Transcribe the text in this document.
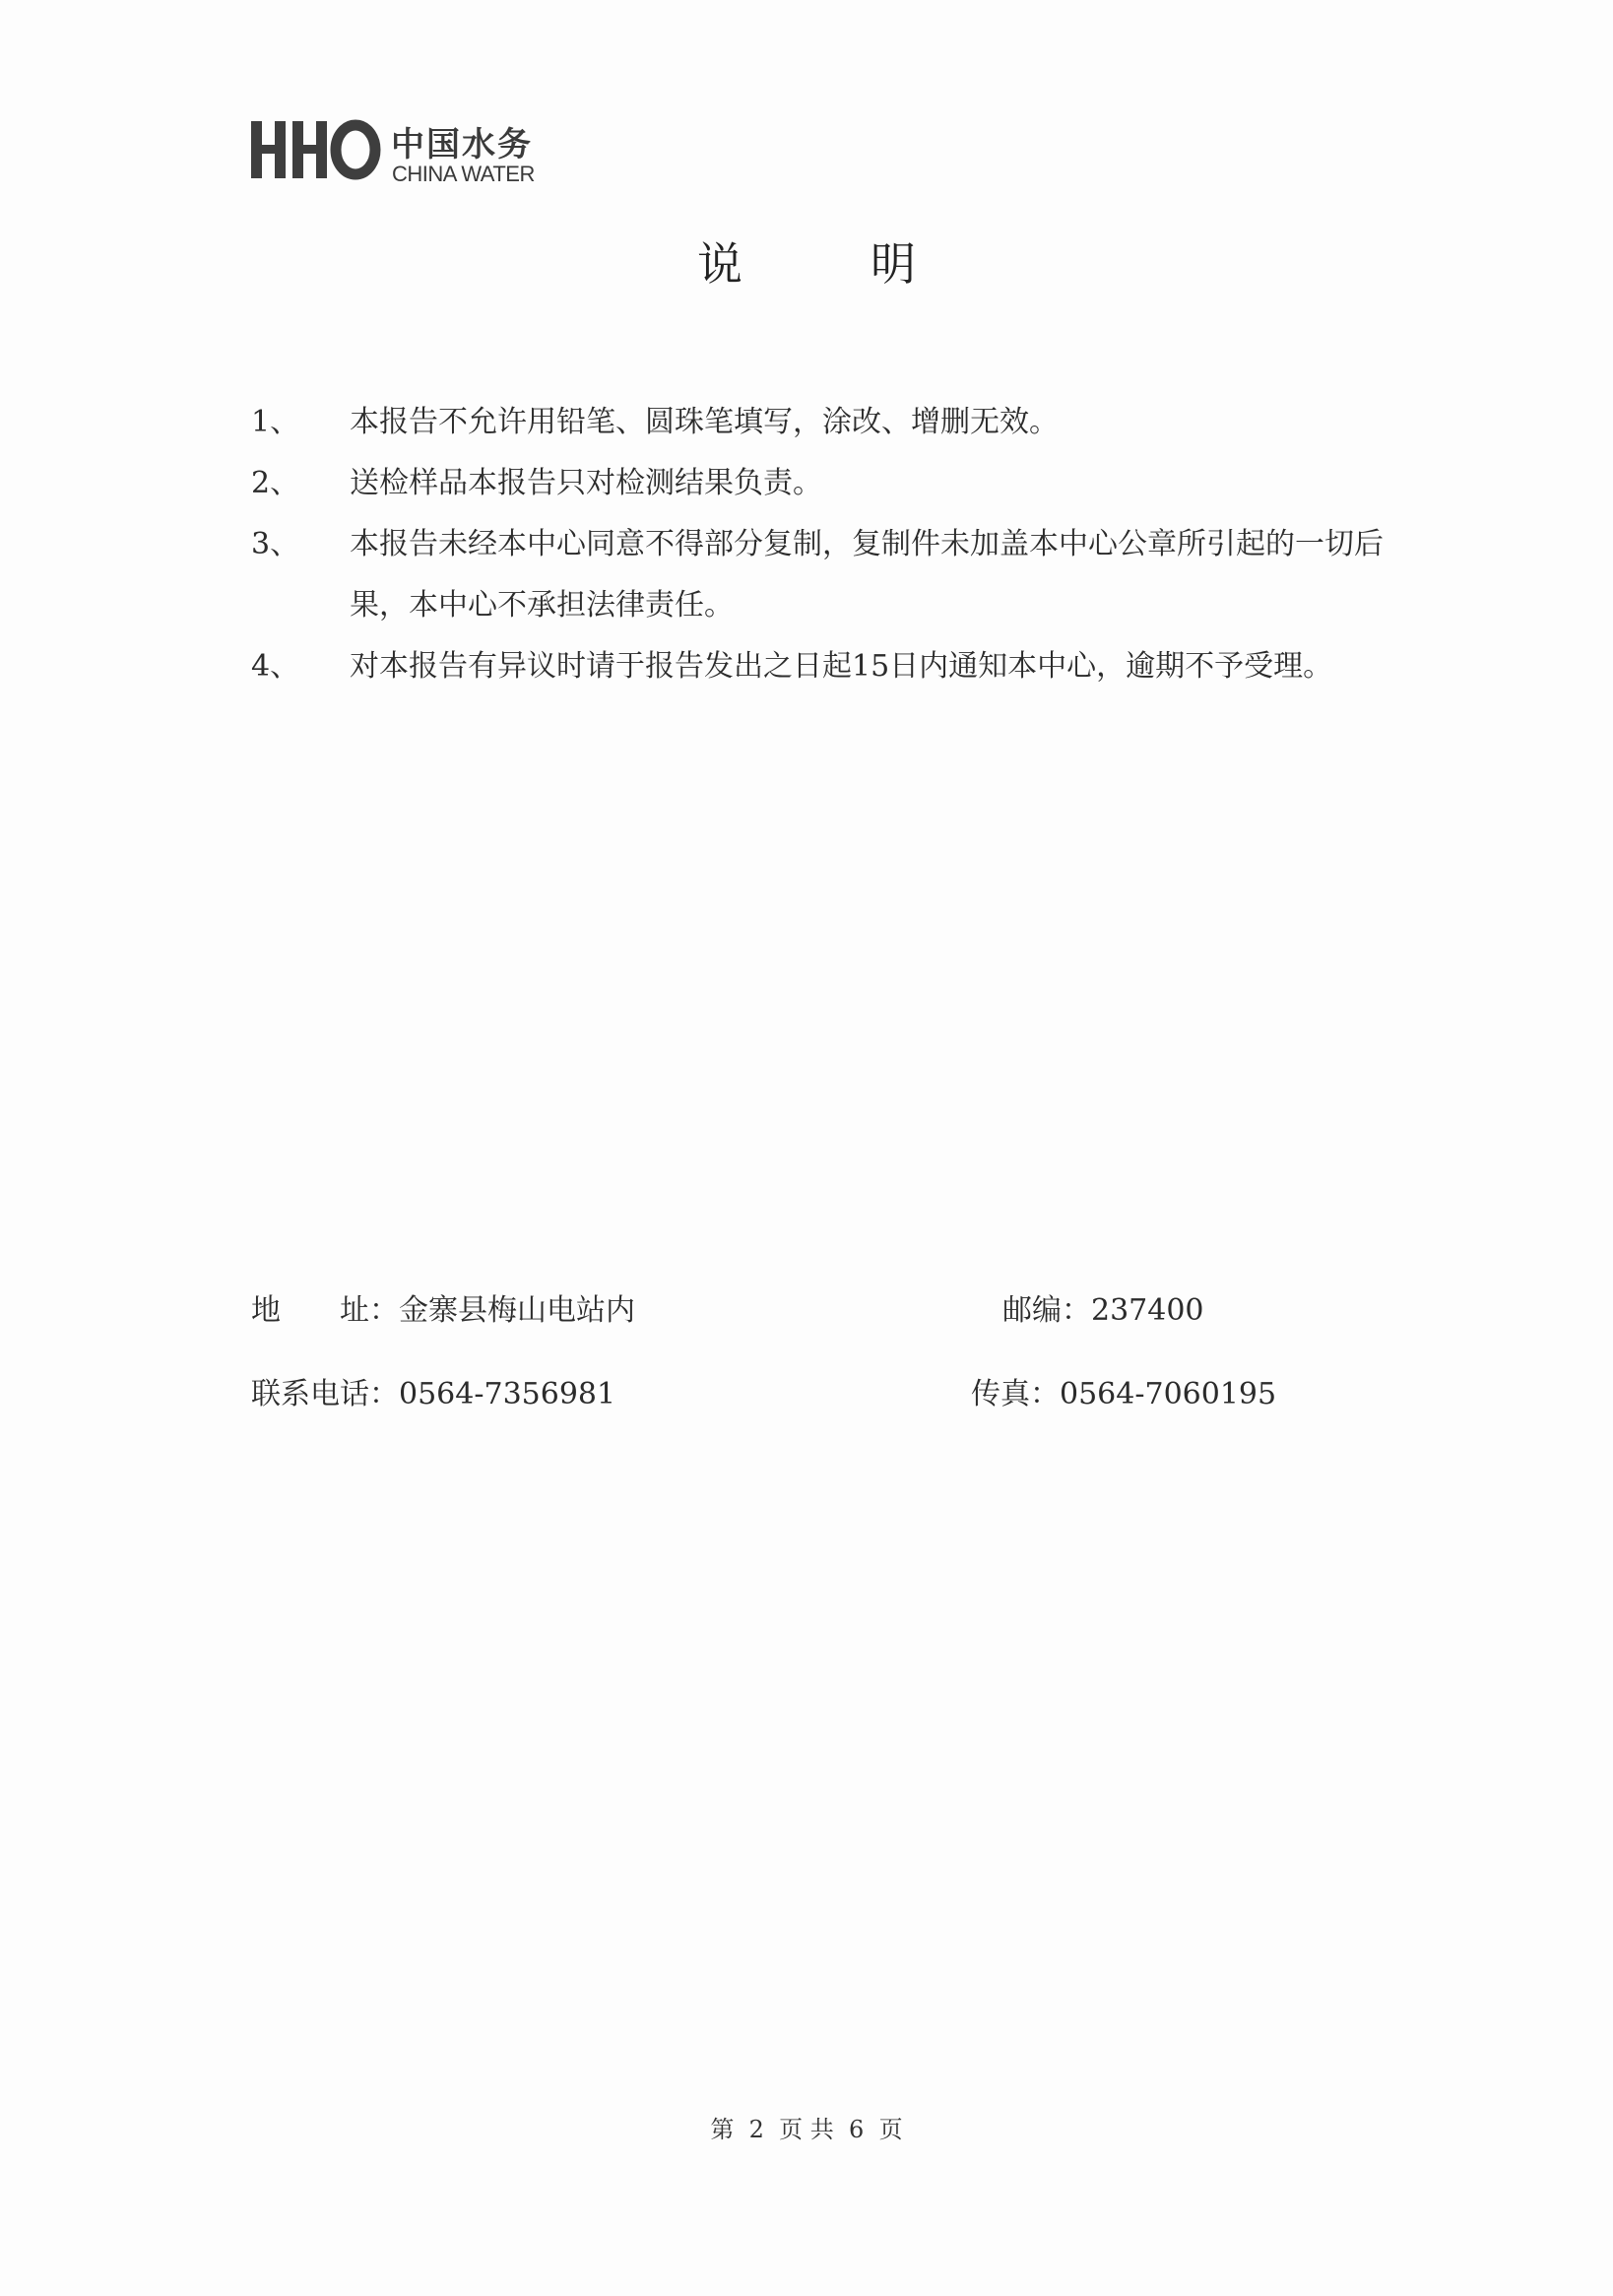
中国水务
CHINA WATER
说明
1、	本报告不允许用铅笔、圆珠笔填写，涂改、增删无效。
2、	送检样品本报告只对检测结果负责。
3、	本报告未经本中心同意不得部分复制，复制件未加盖本中心公章所引起的一切后果，本中心不承担法律责任。
4、	对本报告有异议时请于报告发出之日起15日内通知本中心，逾期不予受理。
地　　址：金寨县梅山电站内	邮编：237400
联系电话：0564-7356981	传真：0564-7060195
第  2  页 共  6  页
